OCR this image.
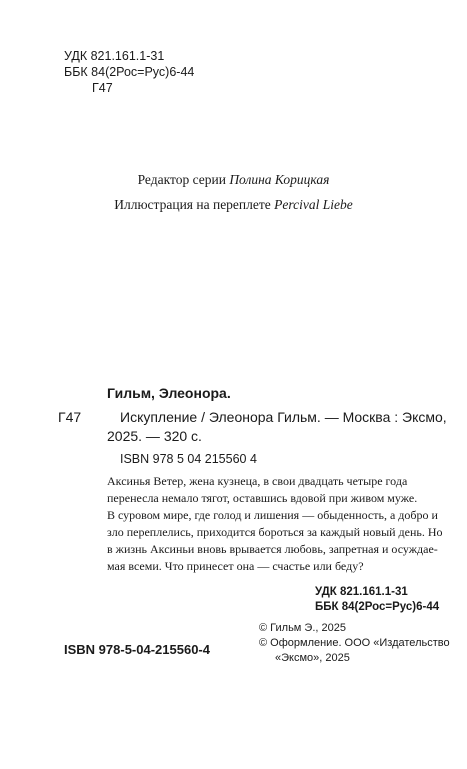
УДК 821.161.1-31
ББК 84(2Рос=Рус)6-44
Г47
Редактор серии Полина Корицкая
Иллюстрация на переплете Percival Liebe
Гильм, Элеонора.
Г47	Искупление / Элеонора Гильм. — Москва : Эксмо,
2025. — 320 с.
ISBN 978 5 04 215560 4
Аксинья Ветер, жена кузнеца, в свои двадцать четыре года
перенесла немало тягот, оставшись вдовой при живом муже.
В суровом мире, где голод и лишения — обыденность, а добро и
зло переплелись, приходится бороться за каждый новый день. Но
в жизнь Аксиньи вновь врывается любовь, запретная и осуждае-
мая всеми. Что принесет она — счастье или беду?
УДК 821.161.1-31
ББК 84(2Рос=Рус)6-44
© Гильм Э., 2025
© Оформление. ООО «Издательство
«Эксмо», 2025
ISBN 978-5-04-215560-4
